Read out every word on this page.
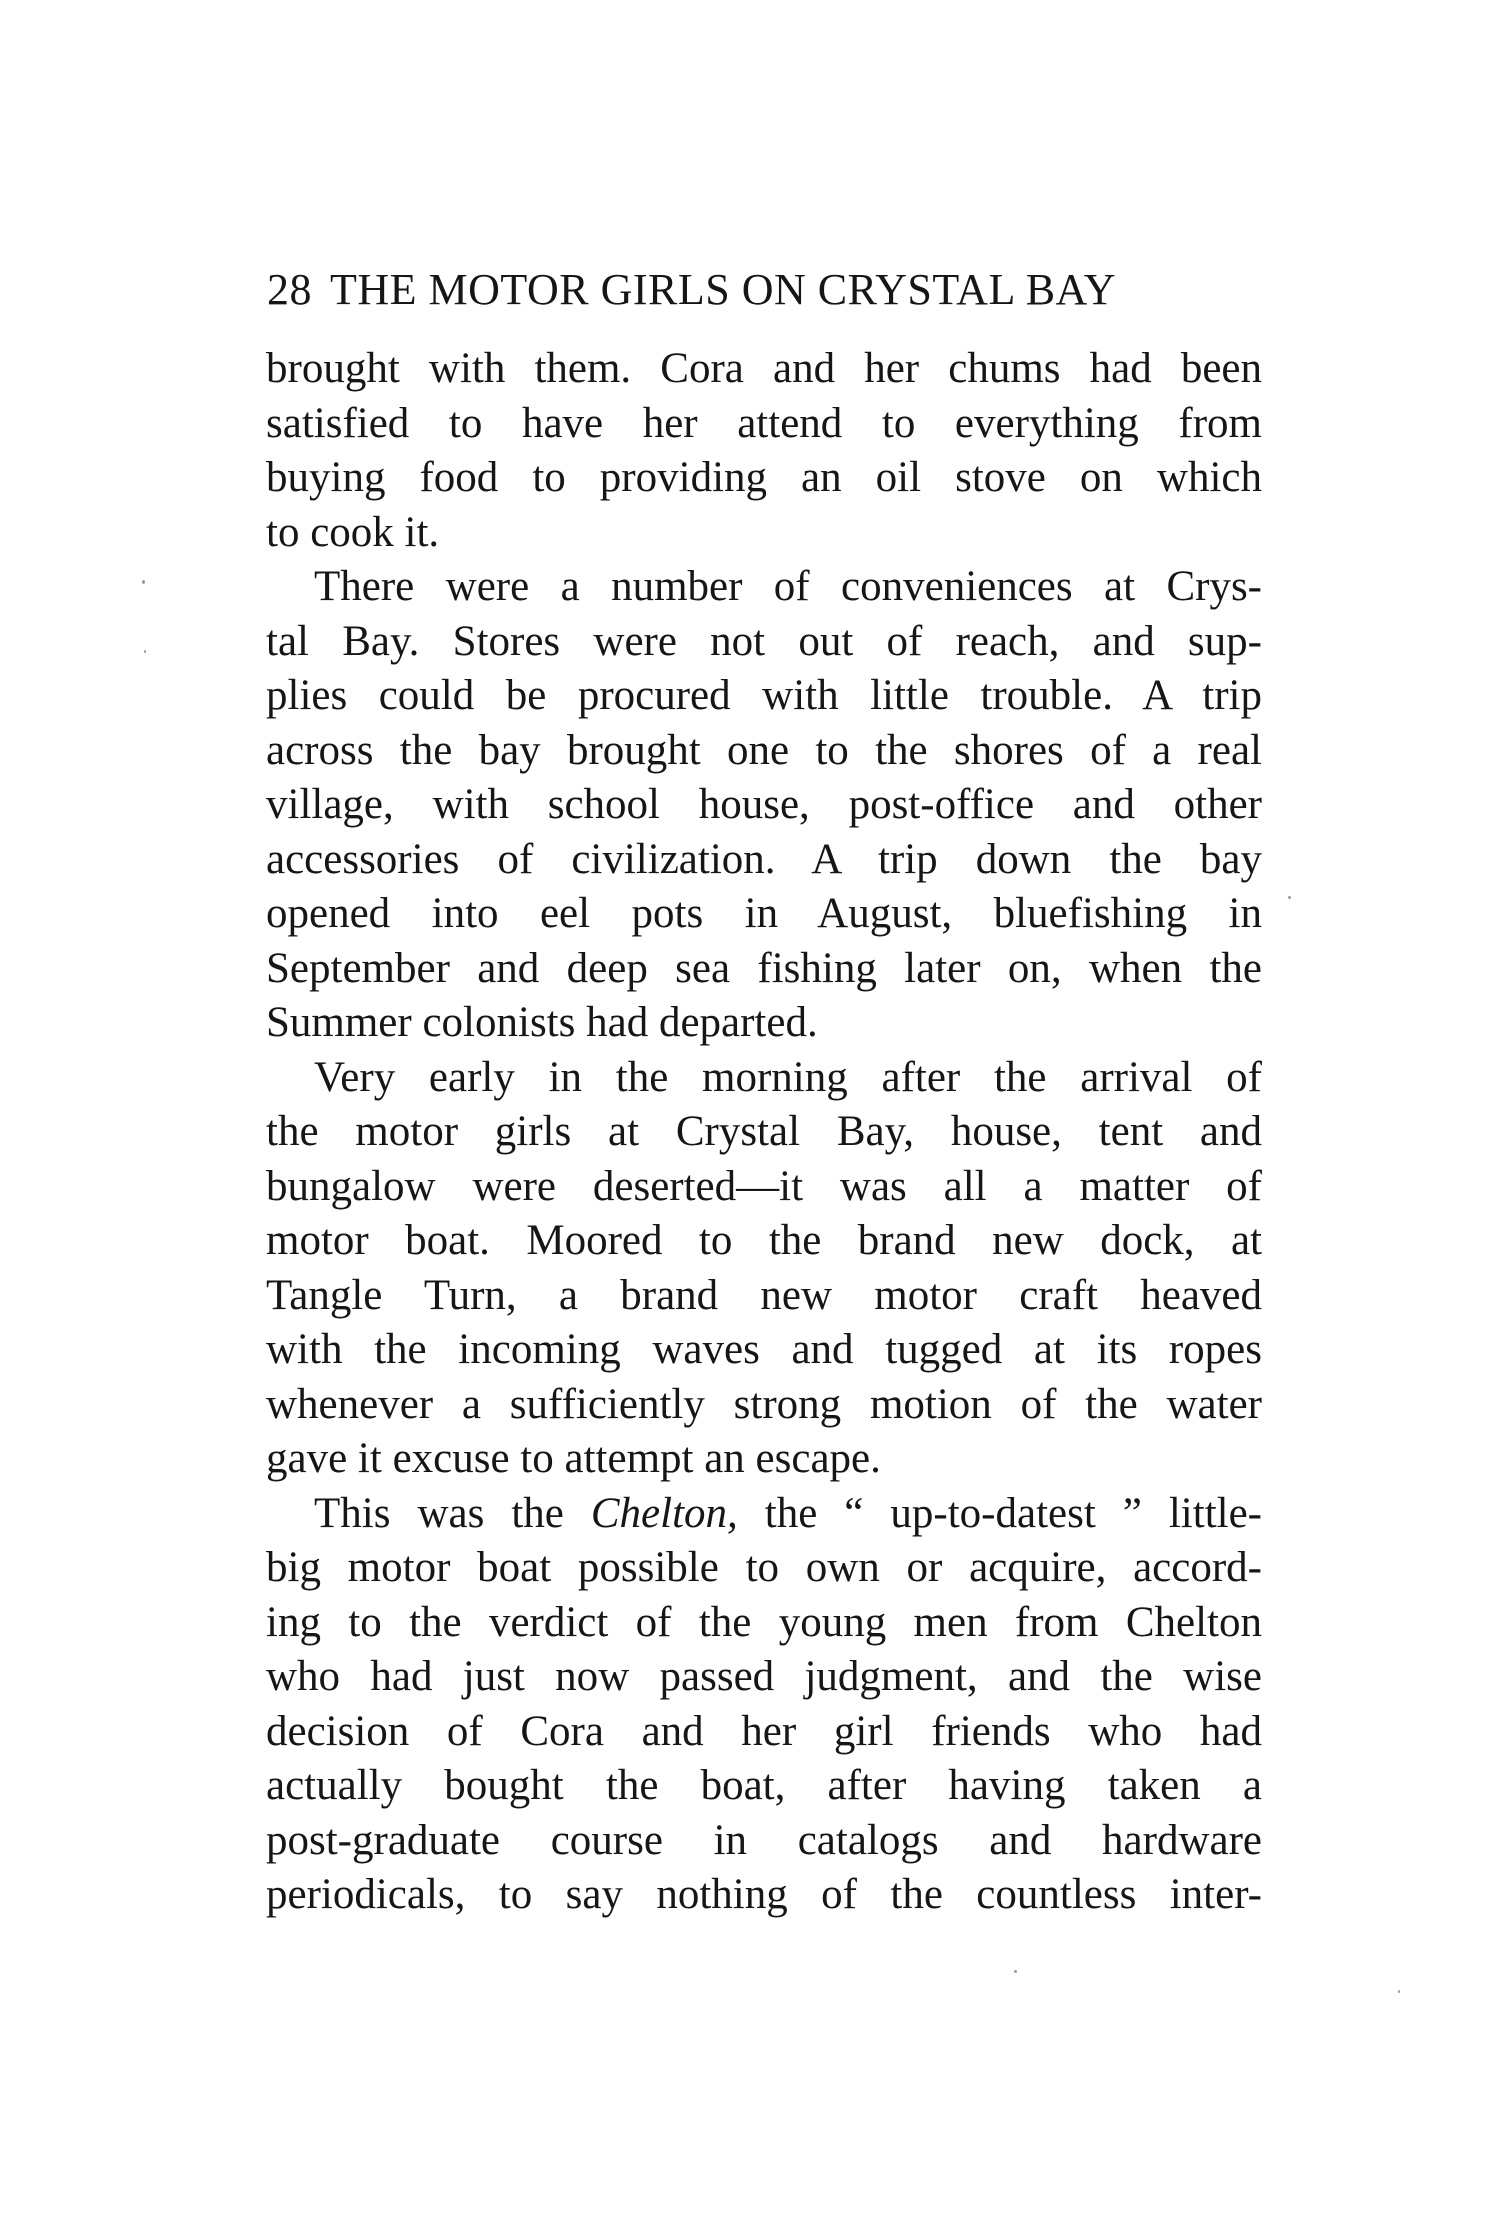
28 THE MOTOR GIRLS ON CRYSTAL BAY
brought with them. Cora and her chums had been
satisfied to have her attend to everything from
buying food to providing an oil stove on which
to cook it.
There were a number of conveniences at Crys-
tal Bay. Stores were not out of reach, and sup-
plies could be procured with little trouble. A trip
across the bay brought one to the shores of a real
village, with school house, post-office and other
accessories of civilization. A trip down the bay
opened into eel pots in August, bluefishing in
September and deep sea fishing later on, when the
Summer colonists had departed.
Very early in the morning after the arrival of
the motor girls at Crystal Bay, house, tent and
bungalow were deserted—it was all a matter of
motor boat. Moored to the brand new dock, at
Tangle Turn, a brand new motor craft heaved
with the incoming waves and tugged at its ropes
whenever a sufficiently strong motion of the water
gave it excuse to attempt an escape.
This was the Chelton, the “ up-to-datest ” little-
big motor boat possible to own or acquire, accord-
ing to the verdict of the young men from Chelton
who had just now passed judgment, and the wise
decision of Cora and her girl friends who had
actually bought the boat, after having taken a
post-graduate course in catalogs and hardware
periodicals, to say nothing of the countless inter-
